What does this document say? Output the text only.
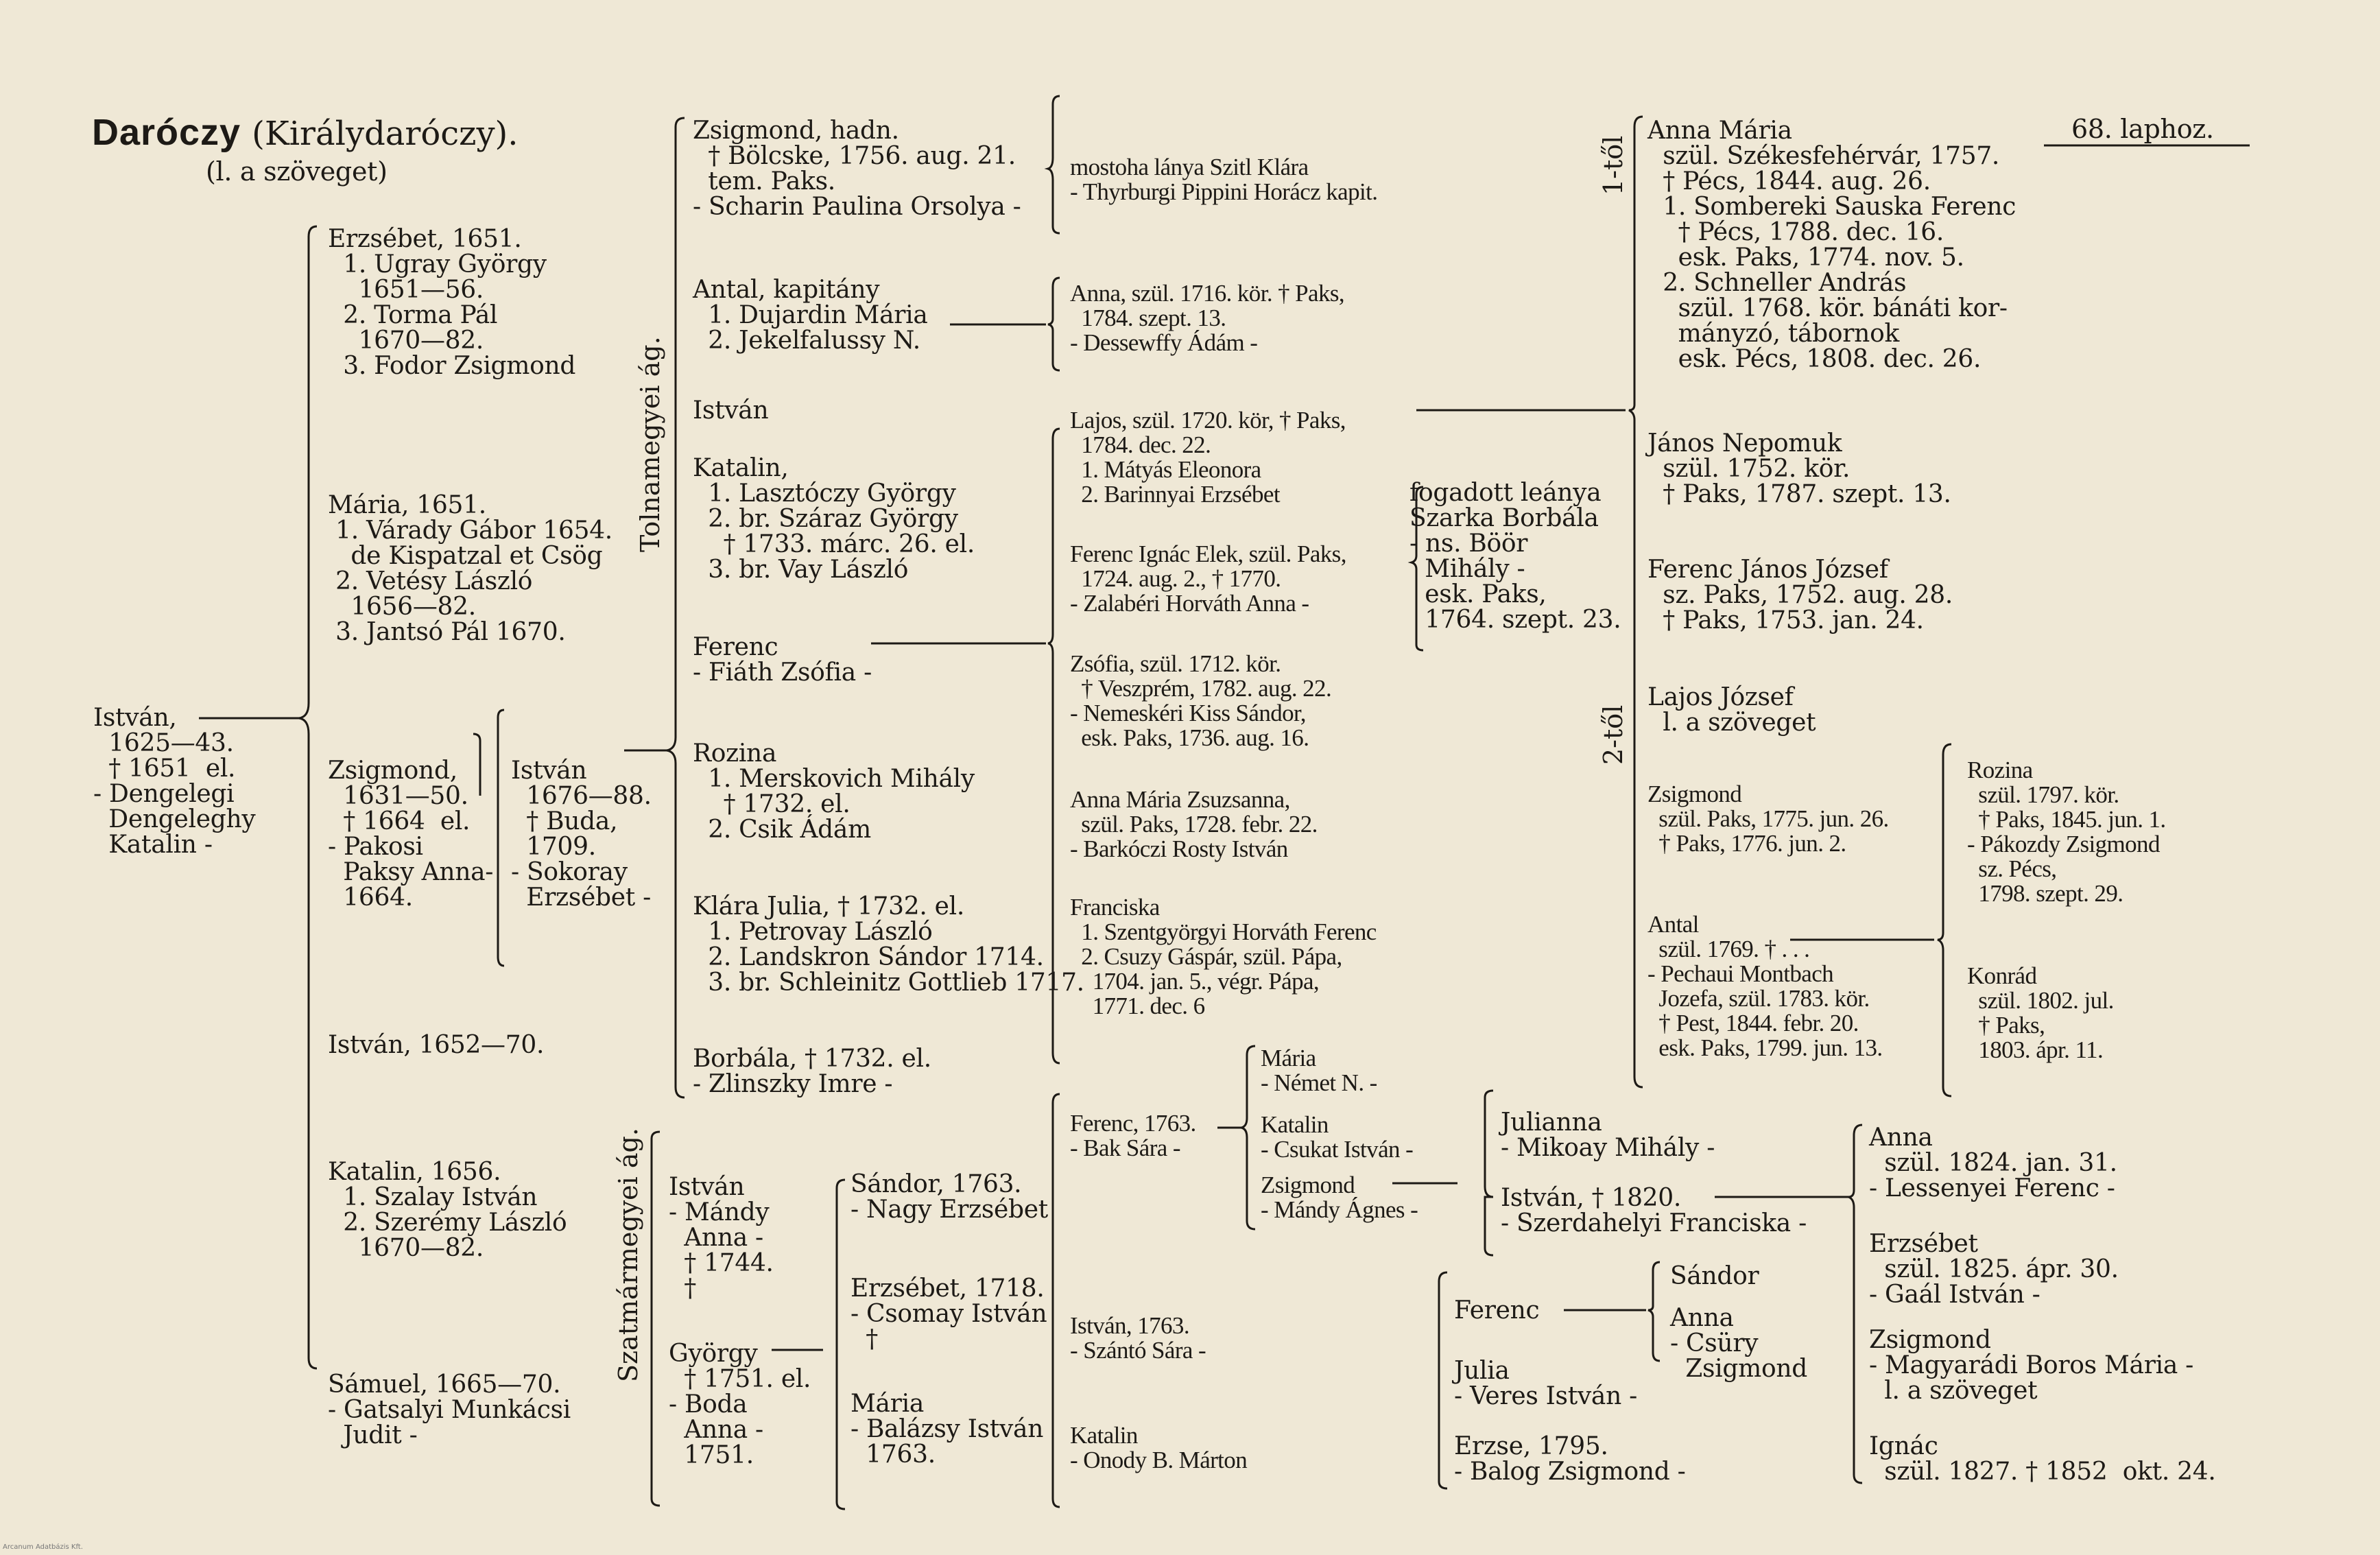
Daróczy (Királydaróczy).
(l. a szöveget)
68. laphoz.
Tolnamegyei ág.
Szatmármegyei ág.
1-től
2-től
István,
1625—43.
† 1651  el.
- Dengelegi
Dengeleghy
Katalin -
Erzsébet, 1651.
1. Ugray György
1651—56.
2. Torma Pál
1670—82.
3. Fodor Zsigmond
Mária, 1651.
1. Várady Gábor 1654.
de Kispatzal et Csög
2. Vetésy László
1656—82.
3. Jantsó Pál 1670.
Zsigmond,
1631—50.
† 1664  el.
- Pakosi
Paksy Anna-
1664.
István, 1652—70.
Katalin, 1656.
1. Szalay István
2. Szerémy László
1670—82.
Sámuel, 1665—70.
- Gatsalyi Munkácsi
Judit -
István
1676—88.
† Buda,
1709.
- Sokoray
Erzsébet -
Zsigmond, hadn.
† Bölcske, 1756. aug. 21.
tem. Paks.
- Scharin Paulina Orsolya -
Antal, kapitány
1. Dujardin Mária
2. Jekelfalussy N.
István
Katalin,
1. Lasztóczy György
2. br. Száraz György
† 1733. márc. 26. el.
3. br. Vay László
Ferenc
- Fiáth Zsófia -
Rozina
1. Merskovich Mihály
† 1732. el.
2. Csik Ádám
Klára Julia, † 1732. el.
1. Petrovay László
2. Landskron Sándor 1714.
3. br. Schleinitz Gottlieb 1717.
Borbála, † 1732. el.
- Zlinszky Imre -
István
- Mándy
Anna -
† 1744.
†
György
† 1751. el.
- Boda
Anna -
1751.
Sándor, 1763.
- Nagy Erzsébet
Erzsébet, 1718.
- Csomay István
†
Mária
- Balázsy István
1763.
mostoha lánya Szitl Klára
- Thyrburgi Pippini Horácz kapit.
Anna, szül. 1716. kör. † Paks,
1784. szept. 13.
- Dessewffy Ádám -
Lajos, szül. 1720. kör, † Paks,
1784. dec. 22.
1. Mátyás Eleonora
2. Barinnyai Erzsébet
Ferenc Ignác Elek, szül. Paks,
1724. aug. 2., † 1770.
- Zalabéri Horváth Anna -
Zsófia, szül. 1712. kör.
† Veszprém, 1782. aug. 22.
- Nemeskéri Kiss Sándor,
esk. Paks, 1736. aug. 16.
Anna Mária Zsuzsanna,
szül. Paks, 1728. febr. 22.
- Barkóczi Rosty István
Franciska
1. Szentgyörgyi Horváth Ferenc
2. Csuzy Gáspár, szül. Pápa,
1704. jan. 5., végr. Pápa,
1771. dec. 6
Ferenc, 1763.
- Bak Sára -
István, 1763.
- Szántó Sára -
Katalin
- Onody B. Márton
fogadott leánya
Szarka Borbála
- ns. Böör
Mihály -
esk. Paks,
1764. szept. 23.
Mária
- Német N. -
Katalin
- Csukat István -
Zsigmond
- Mándy Ágnes -
Julianna
- Mikoay Mihály -
István, † 1820.
- Szerdahelyi Franciska -
Ferenc
Julia
- Veres István -
Erzse, 1795.
- Balog Zsigmond -
Sándor
Anna
- Csüry
Zsigmond
Anna Mária
szül. Székesfehérvár, 1757.
† Pécs, 1844. aug. 26.
1. Sombereki Sauska Ferenc
† Pécs, 1788. dec. 16.
esk. Paks, 1774. nov. 5.
2. Schneller András
szül. 1768. kör. bánáti kor-
mányzó, tábornok
esk. Pécs, 1808. dec. 26.
János Nepomuk
szül. 1752. kör.
† Paks, 1787. szept. 13.
Ferenc János József
sz. Paks, 1752. aug. 28.
† Paks, 1753. jan. 24.
Lajos József
l. a szöveget
Zsigmond
szül. Paks, 1775. jun. 26.
† Paks, 1776. jun. 2.
Antal
szül. 1769. † . . .
- Pechaui Montbach
Jozefa, szül. 1783. kör.
† Pest, 1844. febr. 20.
esk. Paks, 1799. jun. 13.
Rozina
szül. 1797. kör.
† Paks, 1845. jun. 1.
- Pákozdy Zsigmond
sz. Pécs,
1798. szept. 29.
Konrád
szül. 1802. jul.
† Paks,
1803. ápr. 11.
Anna
szül. 1824. jan. 31.
- Lessenyei Ferenc -
Erzsébet
szül. 1825. ápr. 30.
- Gaál István -
Zsigmond
- Magyarádi Boros Mária -
l. a szöveget
Ignác
szül. 1827. † 1852  okt. 24.
Arcanum Adatbázis Kft.
